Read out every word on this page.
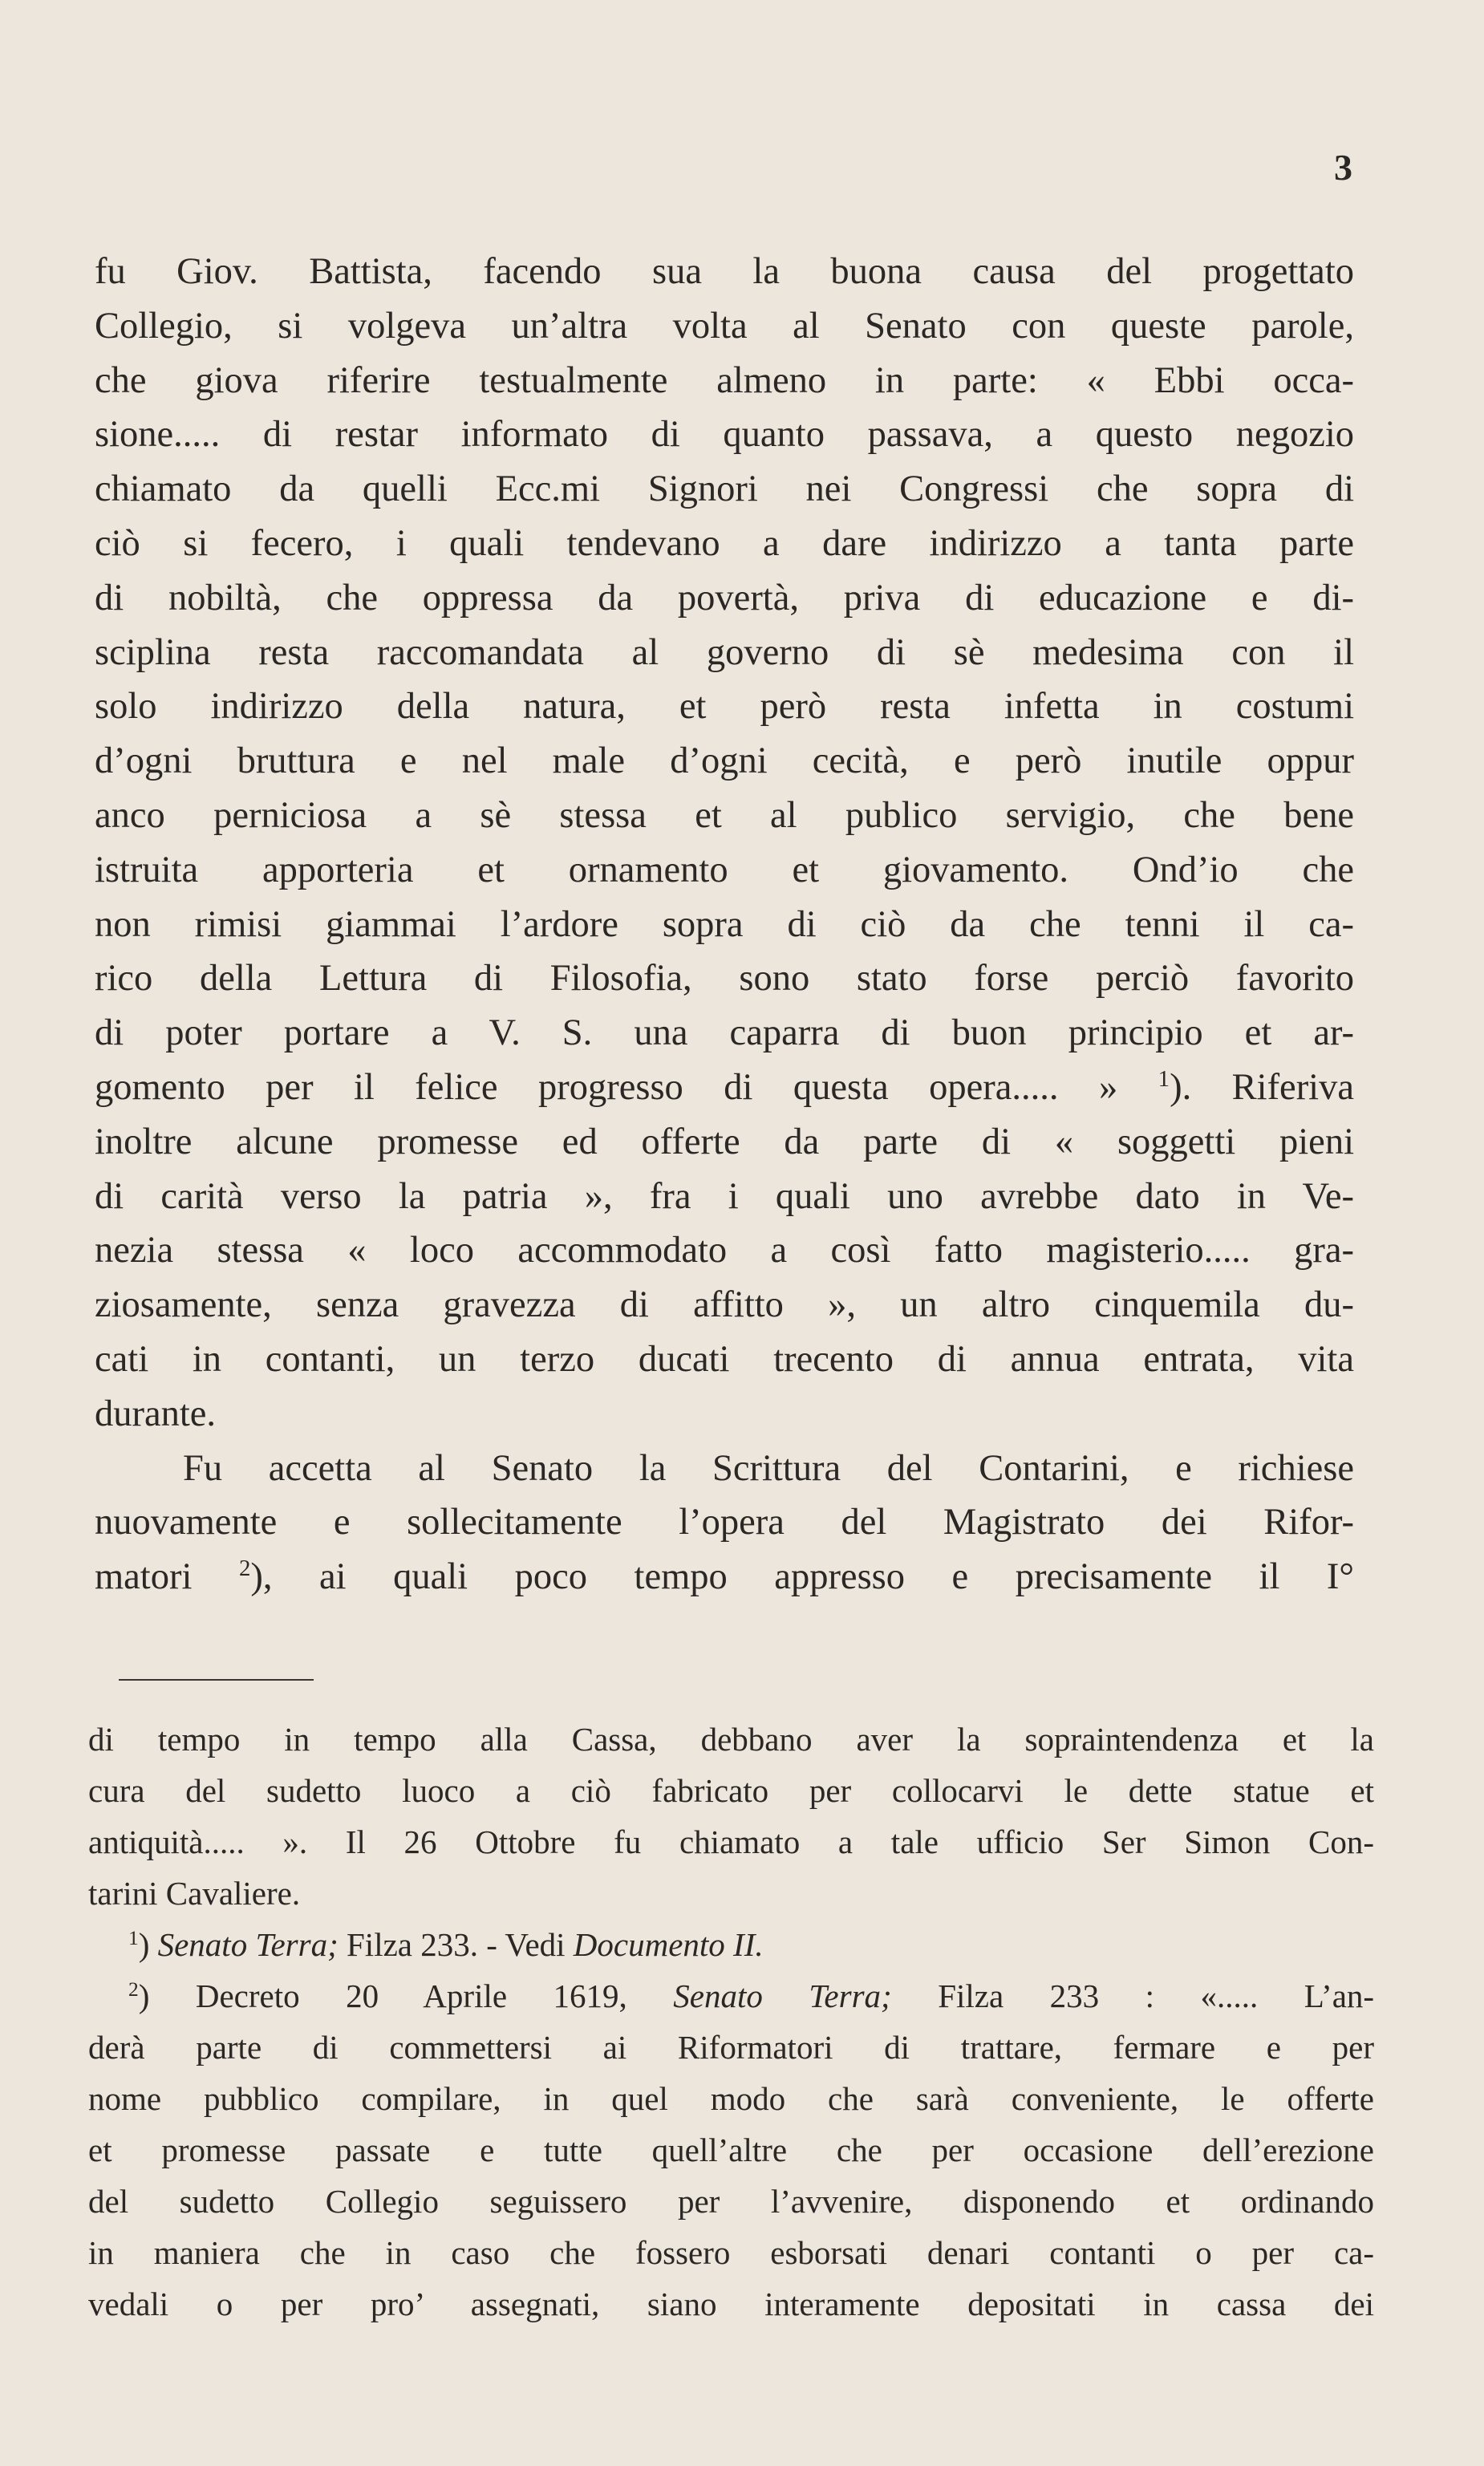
3
fu Giov. Battista, facendo sua la buona causa del progettato
Collegio, si volgeva un’altra volta al Senato con queste parole,
che giova riferire testualmente almeno in parte: « Ebbi occa-
sione..... di restar informato di quanto passava, a questo negozio
chiamato da quelli Ecc.mi Signori nei Congressi che sopra di
ciò si fecero, i quali tendevano a dare indirizzo a tanta parte
di nobiltà, che oppressa da povertà, priva di educazione e di-
sciplina resta raccomandata al governo di sè medesima con il
solo indirizzo della natura, et però resta infetta in costumi
d’ogni bruttura e nel male d’ogni cecità, e però inutile oppur
anco perniciosa a sè stessa et al publico servigio, che bene
istruita apporteria et ornamento et giovamento. Ond’io che
non rimisi giammai l’ardore sopra di ciò da che tenni il ca-
rico della Lettura di Filosofia, sono stato forse perciò favorito
di poter portare a V. S. una caparra di buon principio et ar-
gomento per il felice progresso di questa opera..... » $^1$). Riferiva
inoltre alcune promesse ed offerte da parte di « soggetti pieni
di carità verso la patria », fra i quali uno avrebbe dato in Ve-
nezia stessa « loco accommodato a così fatto magisterio..... gra-
ziosamente, senza gravezza di affitto », un altro cinquemila du-
cati in contanti, un terzo ducati trecento di annua entrata, vita
durante.
Fu accetta al Senato la Scrittura del Contarini, e richiese
nuovamente e sollecitamente l’opera del Magistrato dei Rifor-
matori $^2$), ai quali poco tempo appresso e precisamente il I°
di tempo in tempo alla Cassa, debbano aver la sopraintendenza et la
cura del sudetto luoco a ciò fabricato per collocarvi le dette statue et
antiquità..... ». Il 26 Ottobre fu chiamato a tale ufficio Ser Simon Con-
tarini Cavaliere.
$^1$) Senato Terra; Filza 233. - Vedi Documento II.
$^2$) Decreto 20 Aprile 1619, Senato Terra; Filza 233 : «..... L’an-
derà parte di commettersi ai Riformatori di trattare, fermare e per
nome pubblico compilare, in quel modo che sarà conveniente, le offerte
et promesse passate e tutte quell’altre che per occasione dell’erezione
del sudetto Collegio seguissero per l’avvenire, disponendo et ordinando
in maniera che in caso che fossero esborsati denari contanti o per ca-
vedali o per pro’ assegnati, siano interamente depositati in cassa dei
